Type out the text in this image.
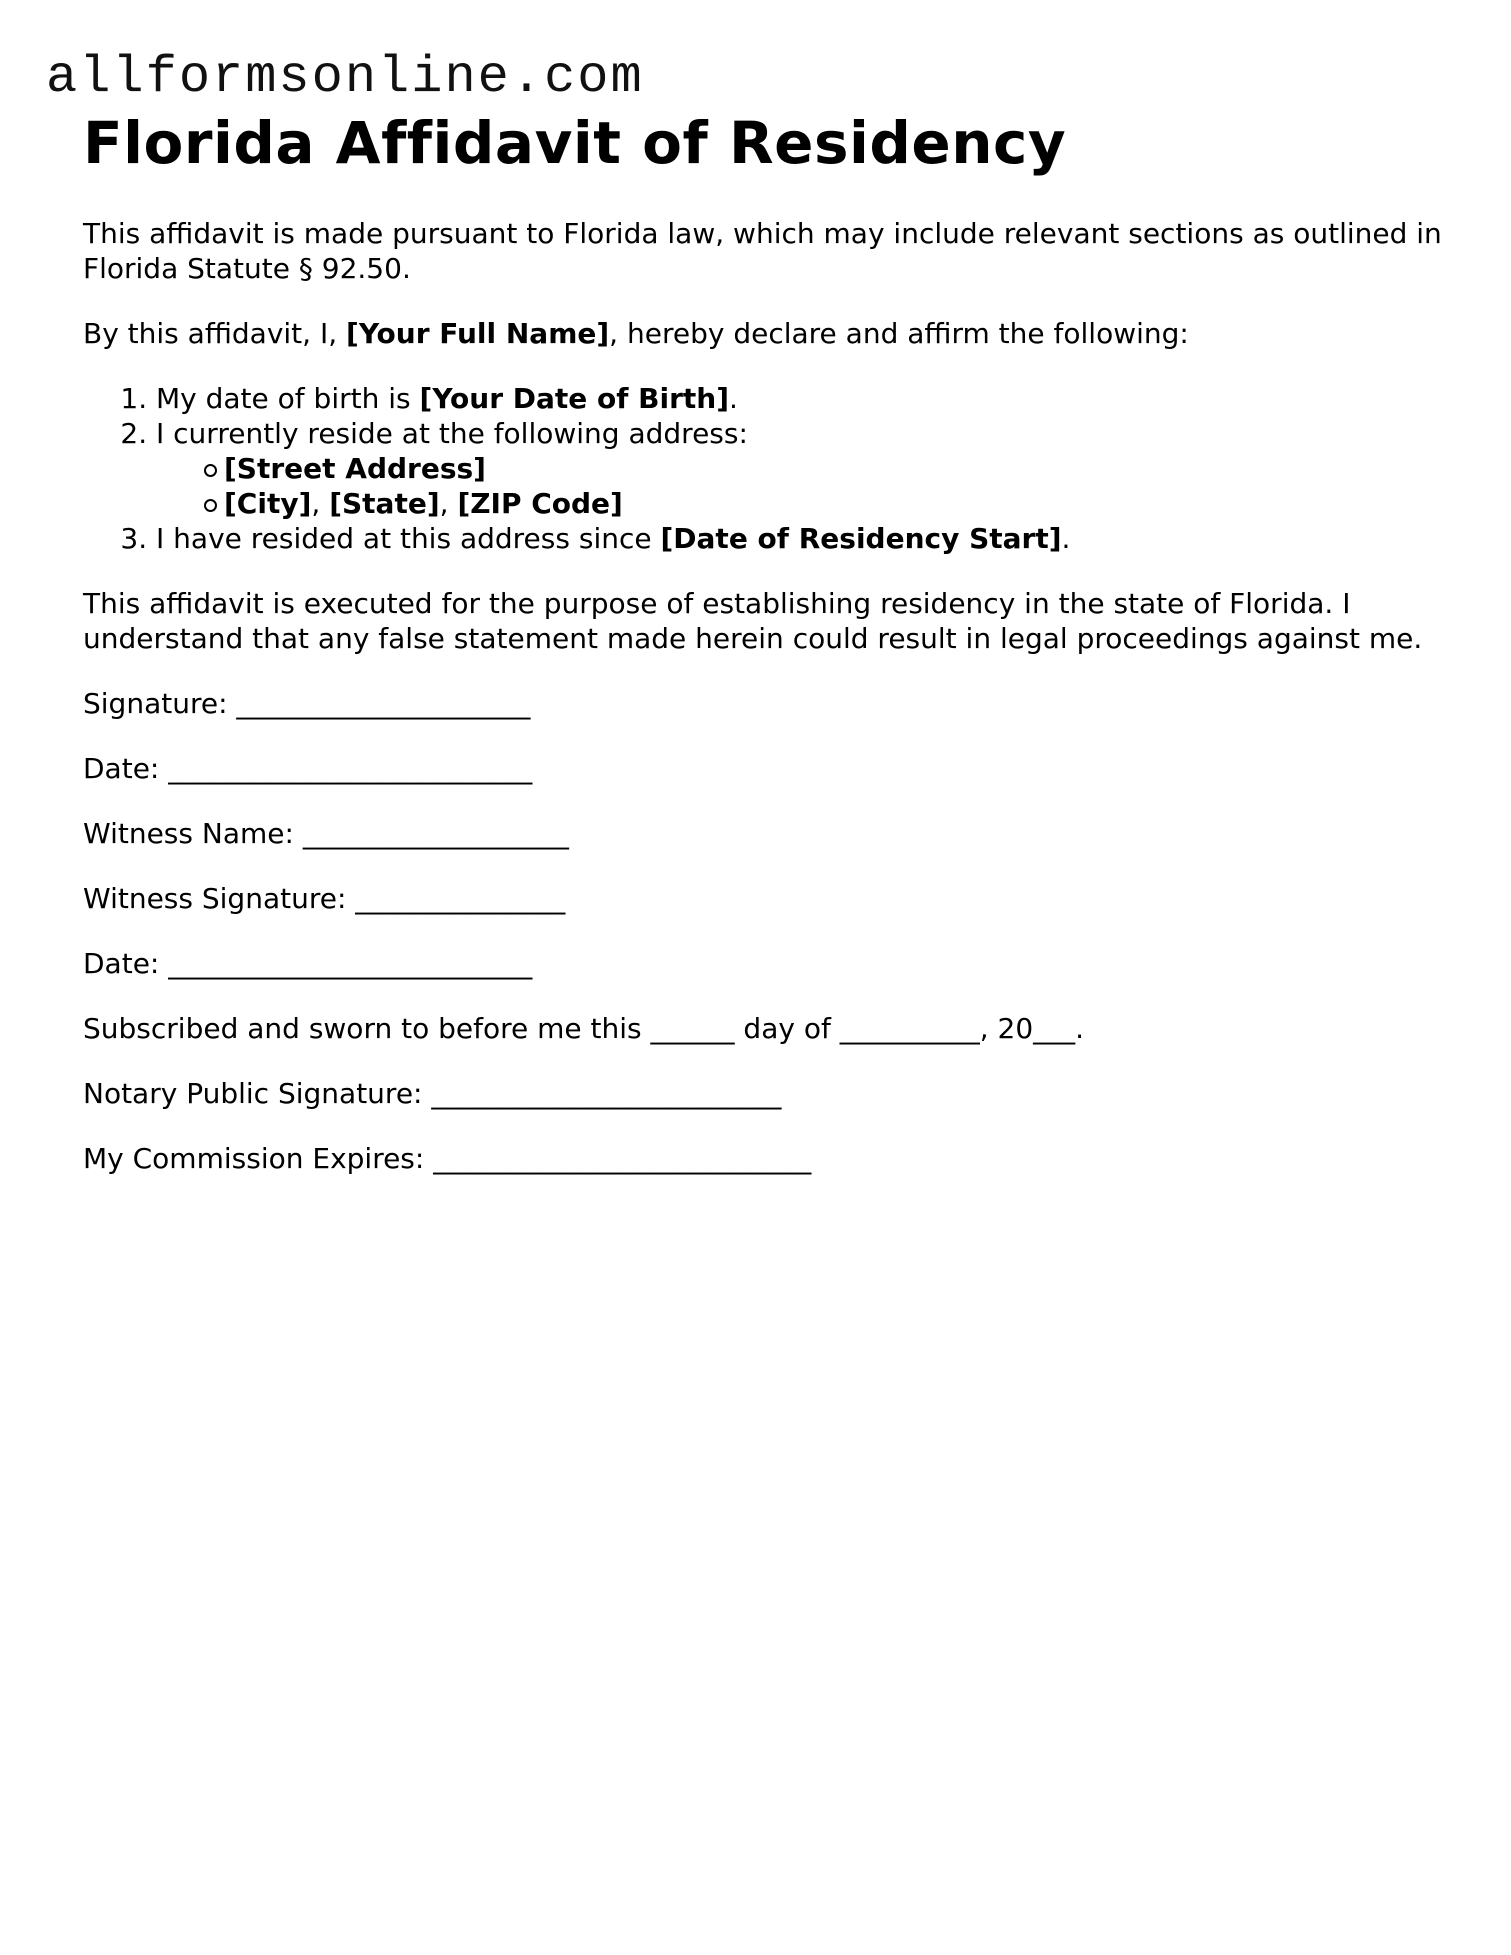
allformsonline.com
Florida Affidavit of Residency

This affidavit is made pursuant to Florida law, which may include relevant sections as outlined in Florida Statute § 92.50.

By this affidavit, I, [Your Full Name], hereby declare and affirm the following:

1. My date of birth is [Your Date of Birth].
2. I currently reside at the following address:
[Street Address]
[City], [State], [ZIP Code]
3. I have resided at this address since [Date of Residency Start].

This affidavit is executed for the purpose of establishing residency in the state of Florida. I understand that any false statement made herein could result in legal proceedings against me.

Signature: _____________________
Date: __________________________
Witness Name: ___________________
Witness Signature: _______________
Date: __________________________
Subscribed and sworn to before me this ______ day of __________, 20___.
Notary Public Signature: _________________________
My Commission Expires: ___________________________
